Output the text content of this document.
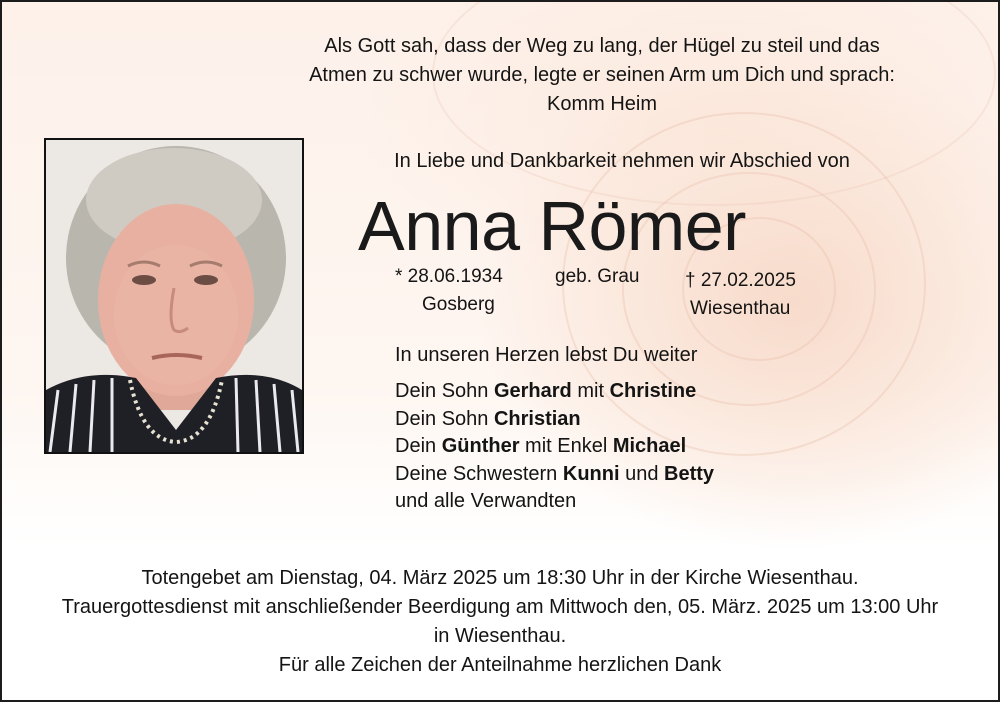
Als Gott sah, dass der Weg zu lang, der Hügel zu steil und das
Atmen zu schwer wurde, legte er seinen Arm um Dich und sprach:
Komm Heim
In Liebe und Dankbarkeit nehmen wir Abschied von
Anna Römer
* 28.06.1934
Gosberg
geb. Grau † 27.02.2025
Wiesenthau
In unseren Herzen lebst Du weiter
Dein Sohn Gerhard mit Christine
Dein Sohn Christian
Dein Günther mit Enkel Michael
Deine Schwestern Kunni und Betty
und alle Verwandten
Totengebet am Dienstag, 04. März 2025 um 18:30 Uhr in der Kirche Wiesenthau.
Trauergottesdienst mit anschließender Beerdigung am Mittwoch den, 05. März. 2025 um 13:00 Uhr
in Wiesenthau.
Für alle Zeichen der Anteilnahme herzlichen Dank
